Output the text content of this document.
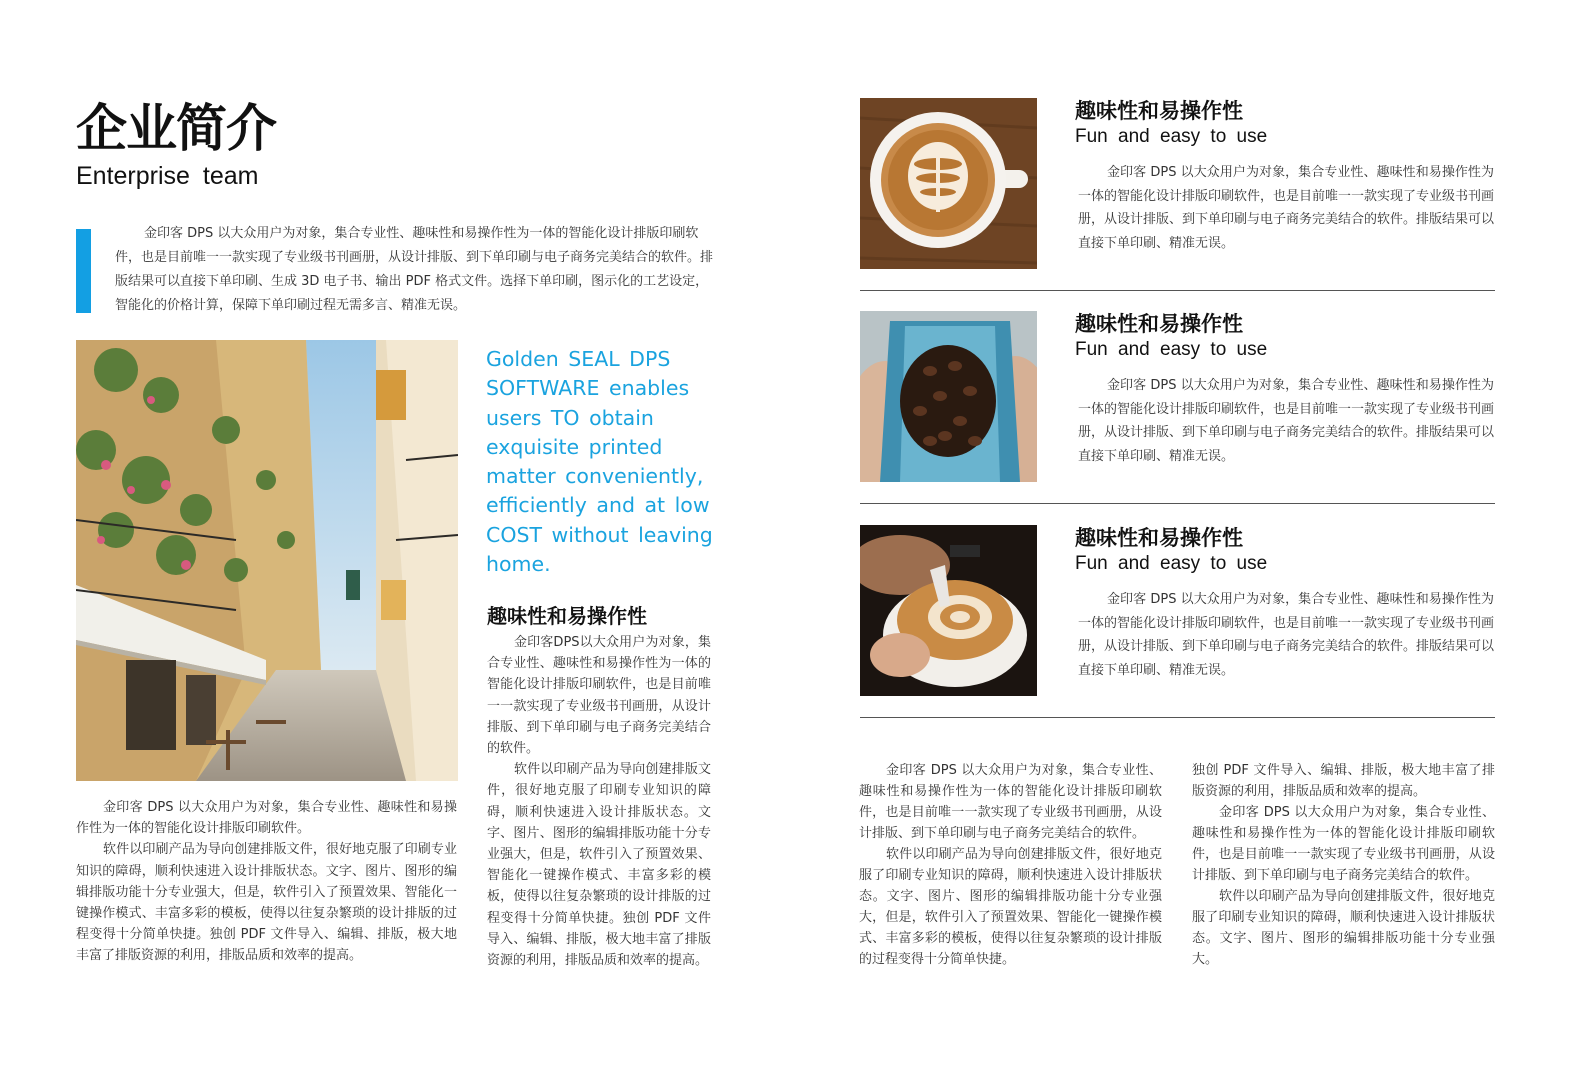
企业简介
Enterprise team

金印客 DPS 以大众用户为对象，集合专业性、趣味性和易操作性为一体的智能化设计排版印刷软件，也是目前唯一一款实现了专业级书刊画册，从设计排版、到下单印刷与电子商务完美结合的软件。排版结果可以直接下单印刷、生成 3D 电子书、输出 PDF 格式文件。选择下单印刷，图示化的工艺设定，智能化的价格计算，保障下单印刷过程无需多言、精准无误。

Golden SEAL DPS SOFTWARE enables users TO obtain exquisite printed matter conveniently, efficiently and at low COST without leaving home.

趣味性和易操作性

金印客DPS以大众用户为对象，集合专业性、趣味性和易操作性为一体的智能化设计排版印刷软件，也是目前唯一一款实现了专业级书刊画册，从设计排版、到下单印刷与电子商务完美结合的软件。

软件以印刷产品为导向创建排版文件，很好地克服了印刷专业知识的障碍，顺利快速进入设计排版状态。文字、图片、图形的编辑排版功能十分专业强大，但是，软件引入了预置效果、智能化一键操作模式、丰富多彩的模板，使得以往复杂繁琐的设计排版的过程变得十分简单快捷。独创 PDF 文件导入、编辑、排版，极大地丰富了排版资源的利用，排版品质和效率的提高。

金印客 DPS 以大众用户为对象，集合专业性、趣味性和易操作性为一体的智能化设计排版印刷软件。

软件以印刷产品为导向创建排版文件，很好地克服了印刷专业知识的障碍，顺利快速进入设计排版状态。文字、图片、图形的编辑排版功能十分专业强大，但是，软件引入了预置效果、智能化一键操作模式、丰富多彩的模板，使得以往复杂繁琐的设计排版的过程变得十分简单快捷。独创 PDF 文件导入、编辑、排版，极大地丰富了排版资源的利用，排版品质和效率的提高。

趣味性和易操作性
Fun and easy to use

金印客 DPS 以大众用户为对象，集合专业性、趣味性和易操作性为一体的智能化设计排版印刷软件，也是目前唯一一款实现了专业级书刊画册，从设计排版、到下单印刷与电子商务完美结合的软件。排版结果可以直接下单印刷、精准无误。

趣味性和易操作性
Fun and easy to use

金印客 DPS 以大众用户为对象，集合专业性、趣味性和易操作性为一体的智能化设计排版印刷软件，也是目前唯一一款实现了专业级书刊画册，从设计排版、到下单印刷与电子商务完美结合的软件。排版结果可以直接下单印刷、精准无误。

趣味性和易操作性
Fun and easy to use

金印客 DPS 以大众用户为对象，集合专业性、趣味性和易操作性为一体的智能化设计排版印刷软件，也是目前唯一一款实现了专业级书刊画册，从设计排版、到下单印刷与电子商务完美结合的软件。排版结果可以直接下单印刷、精准无误。

金印客 DPS 以大众用户为对象，集合专业性、趣味性和易操作性为一体的智能化设计排版印刷软件，也是目前唯一一款实现了专业级书刊画册，从设计排版、到下单印刷与电子商务完美结合的软件。

软件以印刷产品为导向创建排版文件，很好地克服了印刷专业知识的障碍，顺利快速进入设计排版状态。文字、图片、图形的编辑排版功能十分专业强大，但是，软件引入了预置效果、智能化一键操作模式、丰富多彩的模板，使得以往复杂繁琐的设计排版的过程变得十分简单快捷。

独创 PDF 文件导入、编辑、排版，极大地丰富了排版资源的利用，排版品质和效率的提高。

金印客 DPS 以大众用户为对象，集合专业性、趣味性和易操作性为一体的智能化设计排版印刷软件，也是目前唯一一款实现了专业级书刊画册，从设计排版、到下单印刷与电子商务完美结合的软件。

软件以印刷产品为导向创建排版文件，很好地克服了印刷专业知识的障碍，顺利快速进入设计排版状态。文字、图片、图形的编辑排版功能十分专业强大。
